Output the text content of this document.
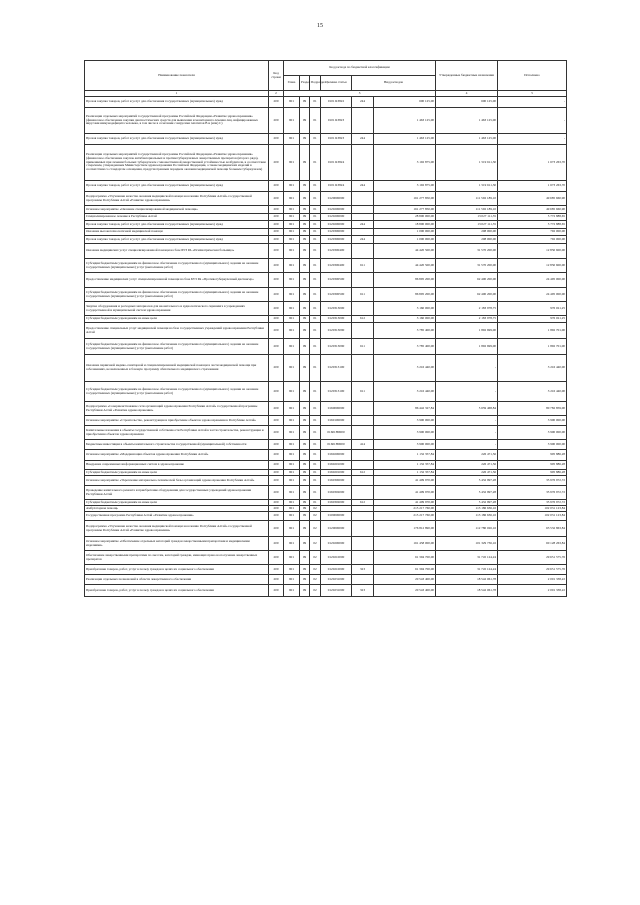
15
Наименование показателя	Код строки	Код расхода по бюджетной классификации						Утвержденные бюджетные назначения	Исполнено	
		Глава	Раздел	Подраздел	Целевая статья	Вид расходов				
1	2	3						4	5	
Прочая закупка товаров, работ и услуг для обеспечения государственных (муниципальных) нужд	200	901	09	01	0101 R3822	244	600 125,00	600 125,00	-	
Реализация отдельных мероприятий государственной программы Российской Федерации «Развитие здравоохранения» (финансовое обеспечение закупки диагностических средств для выявления и мониторинга лечения лиц, инфицированных вирусами иммунодефицита человека, в том числе в сочетании с вирусами гепатитов В и (или) С)	200	901	09	01	0101 R3823		1 463 125,00	1 463 125,00	-	
Прочая закупка товаров, работ и услуг для обеспечения государственных (муниципальных) нужд	200	901	09	01	0101 R3823	244	1 463 125,00	1 463 125,00	-	
Реализация отдельных мероприятий государственной программы Российской Федерации «Развитие здравоохранения» (финансовое обеспечение закупок антибактериальных и противотуберкулезных лекарственных препаратов (второго ряда), применяемых при лечении больных туберкулезом с множественной лекарственной устойчивостью возбудителя, в соответствии с перечнем, утвержденным Министерством здравоохранения Российской Федерации, а также медицинских изделий в соответствии со стандартом оснащения, предусмотренным порядком оказания медицинской помощи больным туберкулезом)	200	901	09	01	0101 R3824		3 192 875,00	1 519 611,30	1 673 263,70	
Прочая закупка товаров, работ и услуг для обеспечения государственных (муниципальных) нужд	200	901	09	01	0101 R3824	244	3 192 875,00	1 519 611,30	1 673 263,70	
Подпрограмма «Улучшение качества оказания медицинской помощи населению Республики Алтай» государственной программы Республики Алтай «Развитие здравоохранения»	200	901	09	01	0120000000		161 277 850,00	111 592 189,10	49 685 660,90	
Основное мероприятие «Оказание специализированной медицинской помощи»	200	901	09	01	0120200000		161 277 850,00	111 592 189,10	49 685 660,90	
Специализированное лечение в Республике Алтай	200	901	09	01	0120200000		28 800 000,00	13 027 111,35	5 772 888,65	
Прочая закупка товаров, работ и услуг для обеспечения государственных (муниципальных) нужд	200	901	09	01	0120200000	244	18 800 000,00	13 027 111,35	5 772 888,65	
Оказание высокотехнологичной медицинской помощи	200	901	09	01	0120300000		1 000 000,00	208 000,00	792 000,00	
Прочая закупка товаров, работ и услуг для обеспечения государственных (муниципальных) нужд	200	901	09	01	0120300000	244	1 000 000,00	208 000,00	792 000,00	
Оказание медицинских услуг специализированной помощи на базе БУЗ РА «Психиатрическая больница»	200	901	09	01	0120300400		44 420 500,00	31 570 200,00	12 850 600,00	
Субсидии бюджетным учреждениям на финансовое обеспечение государственного (муниципального) задания на оказание государственных (муниципальных) услуг (выполнение работ)	200	901	09	01	0120300400	611	44 420 500,00	31 570 200,00	12 850 600,00	
Предоставление медицинских услуг специализированной помощи на базе БУЗ РА «Противотуберкулезный диспансер»	200	901	09	01	0120300500		86 895 200,00	62 400 200,00	24 495 000,00	
Субсидии бюджетным учреждениям на финансовое обеспечение государственного (муниципального) задания на оказание государственных (муниципальных) услуг (выполнение работ)	200	901	09	01	0120300500	611	86 895 200,00	62 400 200,00	24 495 000,00	
Закупка оборудования и расходных материалов для неонатального и аудиологического скрининга в учреждениях государственной и муниципальной систем здравоохранения	200	901	09	01	0120313000		3 160 000,00	2 183 978,75	976 021,25	
Субсидии бюджетным учреждениям на иные цели	200	901	09	01	0120313000	612	3 160 000,00	2 183 978,75	976 021,25	
Предоставление специальных услуг медицинской помощи на базе государственных учреждений здравоохранения Республики Алтай	200	901	09	01	0120313090		3 785 400,00	1 892 699,00	1 892 701,00	
Субсидии бюджетным учреждениям на финансовое обеспечение государственного (муниципального) задания на оказание государственных (муниципальных) услуг (выполнение работ)	200	901	09	01	0120313090	611	3 785 400,00	1 892 699,00	1 892 701,00	
Оказание первичной медико-санитарной и специализированной медицинской помощи в части медицинской помощи при заболеваниях, не включенных в базовую программу обязательного медицинского страхования	200	901	09	01	0120313100		3 216 440,00	-	3 216 440,00	
Субсидии бюджетным учреждениям на финансовое обеспечение государственного (муниципального) задания на оказание государственных (муниципальных) услуг (выполнение работ)	200	901	09	01	0120313100	611	3 216 440,00	-	3 216 440,00	
Подпрограмма «Совершенствование сети организаций здравоохранения Республики Алтай» государственной программы Республики Алтай «Развитие здравоохранения»	200	901	09	01	0160000000		86 442 327,84	5 659 468,84	80 782 859,00	
Основное мероприятие «Строительство, реконструкция и приобретение объектов здравоохранения в Республике Алтай»	200	901	09	01	0160100000		3 900 000,00	-	3 900 000,00	
Капитальные вложения в объекты государственной собственности Республики Алтай в части строительства, реконструкции и приобретения объектов здравоохранения	200	901	09	01	01601Н0000		3 900 000,00	-	3 900 000,00	
Бюджетные инвестиции в объекты капитального строительства государственной (муниципальной) собственности	200	901	09	01	01601Н0000	414	3 900 000,00	-	3 900 000,00	
Основное мероприятие «Модернизация объектов здравоохранения Республики Алтай»	200	901	09	01	0160200000		1 132 357,84	226 471,56	905 886,28	
Внедрение современных информационных систем в здравоохранение	200	901	09	01	0160201000		1 132 357,84	226 471,56	905 886,28	
Субсидии бюджетным учреждениям на иные цели	200	901	09	01	0160201000	612	1 132 357,84	226 471,56	905 886,28	
Основное мероприятие «Укрепление материально-технической базы организаций здравоохранения Республики Алтай»	200	901	09	01	0160300000		41 409 970,00	5 432 997,28	35 976 972,72	
Проведение капитального ремонта и приобретение оборудования для государственных учреждений здравоохранения Республики Алтай	200	901	09	01	0160302000		41 409 970,00	5 432 997,28	35 976 972,72	
Субсидии бюджетным учреждениям на иные цели	200	901	09	01	0160302000	612	41 409 970,00	5 432 997,28	35 976 972,72	
Амбулаторная помощь	200	901	09	02			215 217 760,00	113 186 636,16	102 031 123,84	
Государственная программа Республики Алтай «Развитие здравоохранения»	200	901	09	02	0100000000		215 217 760,00	113 186 636,16	102 031 123,84	
Подпрограмма «Улучшение качества оказания медицинской помощи населению Республики Алтай» государственной программы Республики Алтай «Развитие здравоохранения»	200	901	09	02	0120000000		176 812 890,00	112 780 026,16	63 532 863,84	
Основное мероприятие «Обеспечение отдельных категорий граждан лекарственными препаратами и медицинскими изделиями»	200	901	09	02	0120200000		161 458 000,00	101 329 736,16	60 128 263,84	
Обеспечение лекарственными препаратами по льготам, категорий граждан, имеющих право на получение лекарственных препаратов	200	901	09	02	0120210000		61 394 700,00	31 745 124,24	29 651 575,76	
Приобретение товаров, работ, услуг в пользу граждан в целях их социального обеспечения	200	901	09	02	0120210000	323	61 394 700,00	31 745 124,24	29 651 575,76	
Реализация отдельных полномочий в области лекарственного обеспечения	200	901	09	02	0120231000		20 543 400,00	18 542 061,78	2 001 338,22	
Приобретение товаров, работ, услуг в пользу граждан в целях их социального обеспечения	200	901	09	02	0120231000	323	20 543 400,00	18 542 061,78	2 001 338,22	
